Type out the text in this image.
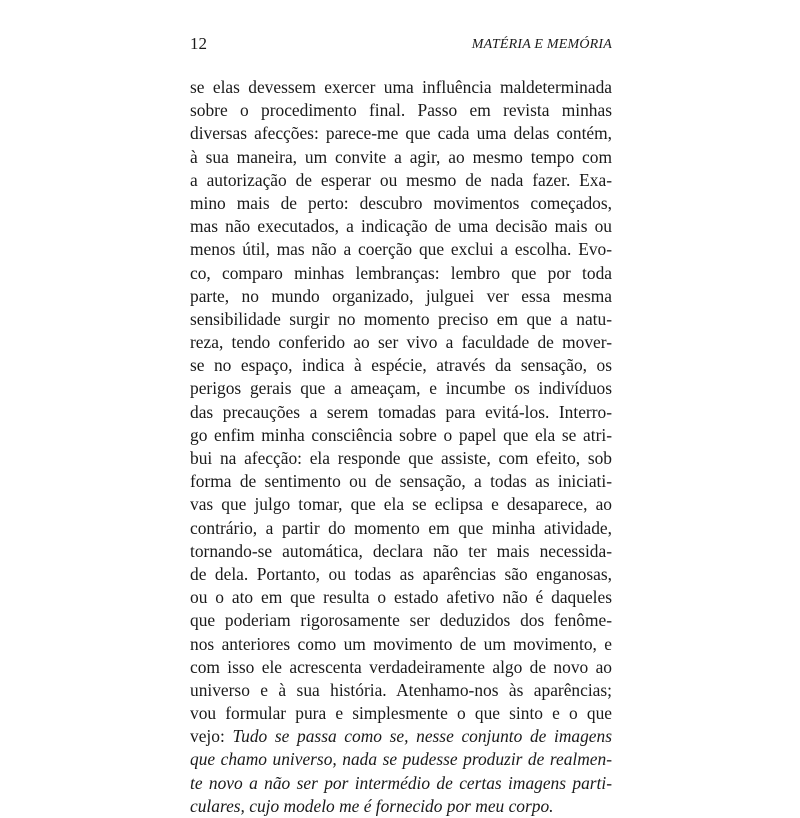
12	MATÉRIA E MEMÓRIA
se elas devessem exercer uma influência maldeterminada
sobre o procedimento final. Passo em revista minhas
diversas afecções: parece-me que cada uma delas contém,
à sua maneira, um convite a agir, ao mesmo tempo com
a autorização de esperar ou mesmo de nada fazer. Exa-
mino mais de perto: descubro movimentos começados,
mas não executados, a indicação de uma decisão mais ou
menos útil, mas não a coerção que exclui a escolha. Evo-
co, comparo minhas lembranças: lembro que por toda
parte, no mundo organizado, julguei ver essa mesma
sensibilidade surgir no momento preciso em que a natu-
reza, tendo conferido ao ser vivo a faculdade de mover-
se no espaço, indica à espécie, através da sensação, os
perigos gerais que a ameaçam, e incumbe os indivíduos
das precauções a serem tomadas para evitá-los. Interro-
go enfim minha consciência sobre o papel que ela se atri-
bui na afecção: ela responde que assiste, com efeito, sob
forma de sentimento ou de sensação, a todas as iniciati-
vas que julgo tomar, que ela se eclipsa e desaparece, ao
contrário, a partir do momento em que minha atividade,
tornando-se automática, declara não ter mais necessida-
de dela. Portanto, ou todas as aparências são enganosas,
ou o ato em que resulta o estado afetivo não é daqueles
que poderiam rigorosamente ser deduzidos dos fenôme-
nos anteriores como um movimento de um movimento, e
com isso ele acrescenta verdadeiramente algo de novo ao
universo e à sua história. Atenhamo-nos às aparências;
vou formular pura e simplesmente o que sinto e o que
vejo: Tudo se passa como se, nesse conjunto de imagens
que chamo universo, nada se pudesse produzir de realmen-
te novo a não ser por intermédio de certas imagens parti-
culares, cujo modelo me é fornecido por meu corpo.
